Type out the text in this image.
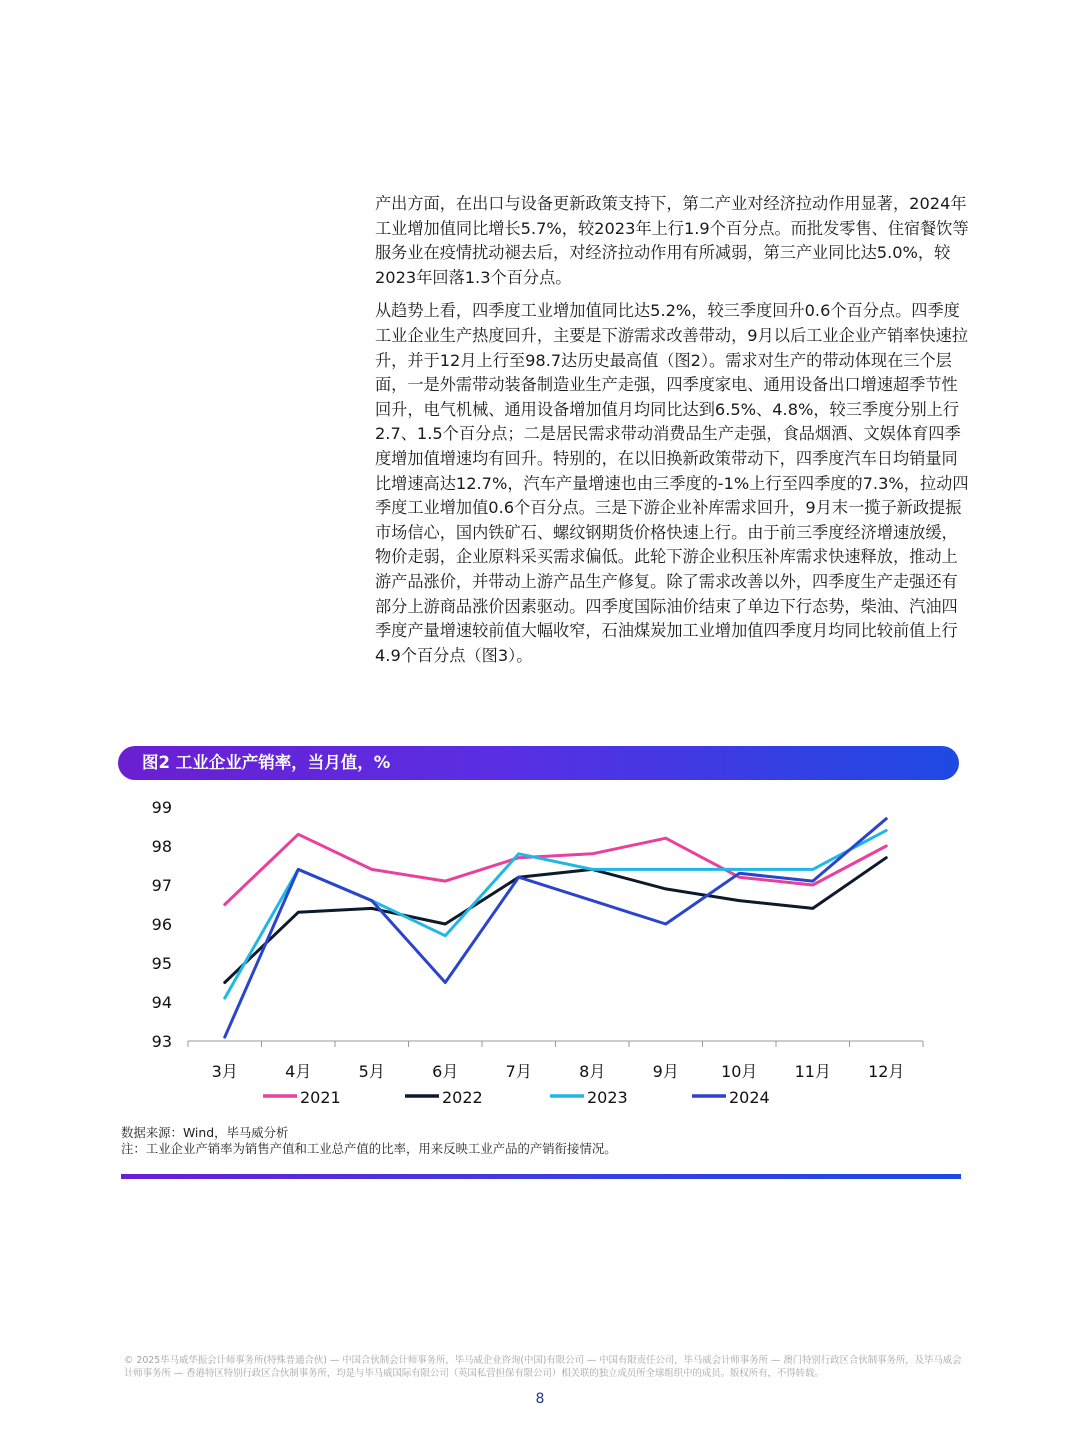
产出方面，在出口与设备更新政策支持下，第二产业对经济拉动作用显著，2024年工业增加值同比增长5.7%，较2023年上行1.9个百分点。而批发零售、住宿餐饮等服务业在疫情扰动褪去后，对经济拉动作用有所减弱，第三产业同比达5.0%，较2023年回落1.3个百分点。

从趋势上看，四季度工业增加值同比达5.2%，较三季度回升0.6个百分点。四季度工业企业生产热度回升，主要是下游需求改善带动，9月以后工业企业产销率快速拉升，并于12月上行至98.7达历史最高值（图2）。需求对生产的带动体现在三个层面，一是外需带动装备制造业生产走强，四季度家电、通用设备出口增速超季节性回升，电气机械、通用设备增加值月均同比达到6.5%、4.8%，较三季度分别上行2.7、1.5个百分点；二是居民需求带动消费品生产走强，食品烟酒、文娱体育四季度增加值增速均有回升。特别的，在以旧换新政策带动下，四季度汽车日均销量同比增速高达12.7%，汽车产量增速也由三季度的-1%上行至四季度的7.3%，拉动四季度工业增加值0.6个百分点。三是下游企业补库需求回升，9月末一揽子新政提振市场信心，国内铁矿石、螺纹钢期货价格快速上行。由于前三季度经济增速放缓，物价走弱，企业原料采买需求偏低。此轮下游企业积压补库需求快速释放，推动上游产品涨价，并带动上游产品生产修复。除了需求改善以外，四季度生产走强还有部分上游商品涨价因素驱动。四季度国际油价结束了单边下行态势，柴油、汽油四季度产量增速较前值大幅收窄，石油煤炭加工业增加值四季度月均同比较前值上行4.9个百分点（图3）。

图2 工业企业产销率，当月值，%
93
94
95
96
97
98
99
3月	4月	5月	6月	7月	8月	9月	10月 11月 12月
2021	2022	2023	2024
数据来源：Wind，毕马威分析
注：工业企业产销率为销售产值和工业总产值的比率，用来反映工业产品的产销衔接情况。
© 2025毕马威华振会计师事务所(特殊普通合伙) — 中国合伙制会计师事务所，毕马威企业咨询(中国)有限公司 — 中国有限责任公司，毕马威会计师事务所 — 澳门特别行政区合伙制事务所，及毕马威会计师事务所 — 香港特区特别行政区合伙制事务所，均是与毕马威国际有限公司（英国私营担保有限公司）相关联的独立成员所全球组织中的成员。版权所有，不得转载。
8
